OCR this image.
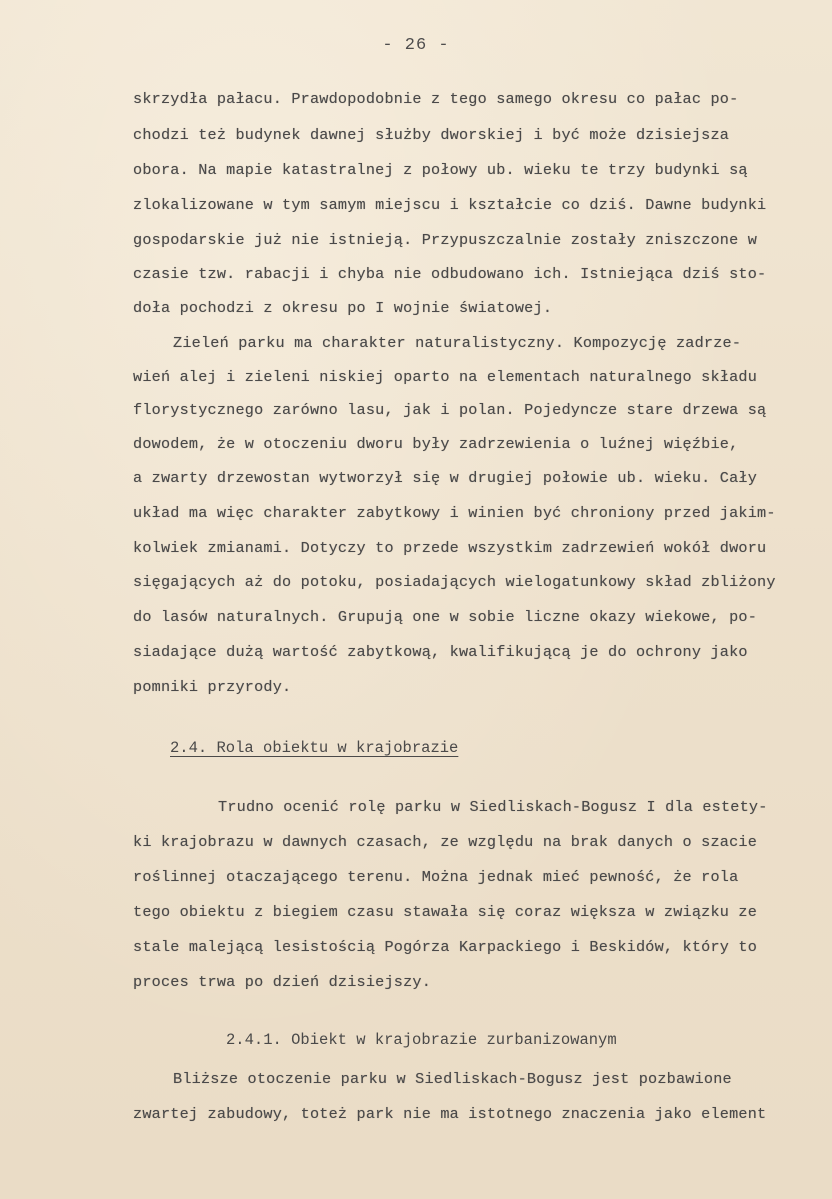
- 26 -
skrzydła pałacu. Prawdopodobnie z tego samego okresu co pałac po-
chodzi też budynek dawnej służby dworskiej i być może dzisiejsza
obora. Na mapie katastralnej z połowy ub. wieku te trzy budynki są
zlokalizowane w tym samym miejscu i kształcie co dziś. Dawne budynki
gospodarskie już nie istnieją. Przypuszczalnie zostały zniszczone w
czasie tzw. rabacji i chyba nie odbudowano ich. Istniejąca dziś sto-
doła pochodzi z okresu po I wojnie światowej.
Zieleń parku ma charakter naturalistyczny. Kompozycję zadrze-
wień alej i zieleni niskiej oparto na elementach naturalnego składu
florystycznego zarówno lasu, jak i polan. Pojedyncze stare drzewa są
dowodem, że w otoczeniu dworu były zadrzewienia o luźnej więźbie,
a zwarty drzewostan wytworzył się w drugiej połowie ub. wieku. Cały
układ ma więc charakter zabytkowy i winien być chroniony przed jakim-
kolwiek zmianami. Dotyczy to przede wszystkim zadrzewień wokół dworu
sięgających aż do potoku, posiadających wielogatunkowy skład zbliżony
do lasów naturalnych. Grupują one w sobie liczne okazy wiekowe, po-
siadające dużą wartość zabytkową, kwalifikującą je do ochrony jako
pomniki przyrody.
2.4. Rola obiektu w krajobrazie
Trudno ocenić rolę parku w Siedliskach-Bogusz I dla estety-
ki krajobrazu w dawnych czasach, ze względu na brak danych o szacie
roślinnej otaczającego terenu. Można jednak mieć pewność, że rola
tego obiektu z biegiem czasu stawała się coraz większa w związku ze
stale malejącą lesistością Pogórza Karpackiego i Beskidów, który to
proces trwa po dzień dzisiejszy.
2.4.1. Obiekt w krajobrazie zurbanizowanym
Bliższe otoczenie parku w Siedliskach-Bogusz jest pozbawione
zwartej zabudowy, toteż park nie ma istotnego znaczenia jako element
